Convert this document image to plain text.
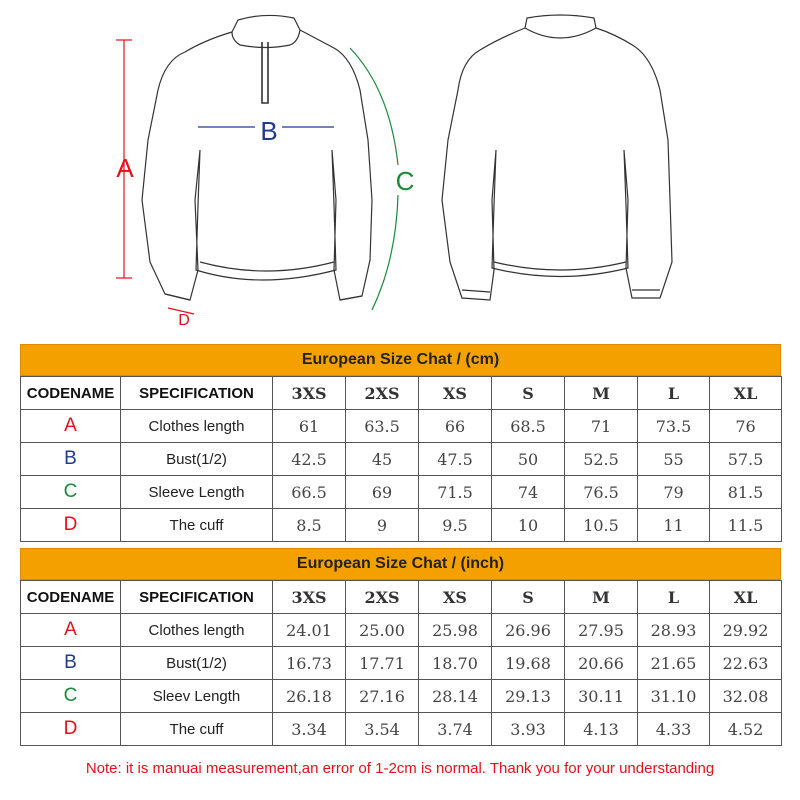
A
B
C
D
European Size Chat / (cm)
CODENAME	SPECIFICATION	3XS	2XS	XS	S	M	L	XL
A	Clothes length	61	63.5	66	68.5	71	73.5	76
B	Bust(1/2)	42.5	45	47.5	50	52.5	55	57.5
C	Sleeve Length	66.5	69	71.5	74	76.5	79	81.5
D	The cuff	8.5	9	9.5	10	10.5	11	11.5
European Size Chat / (inch)
CODENAME	SPECIFICATION	3XS	2XS	XS	S	M	L	XL
A	Clothes length	24.01	25.00	25.98	26.96	27.95	28.93	29.92
B	Bust(1/2)	16.73	17.71	18.70	19.68	20.66	21.65	22.63
C	Sleev Length	26.18	27.16	28.14	29.13	30.11	31.10	32.08
D	The cuff	3.34	3.54	3.74	3.93	4.13	4.33	4.52
Note: it is manuai measurement,an error of 1-2cm is normal. Thank you for your understanding
